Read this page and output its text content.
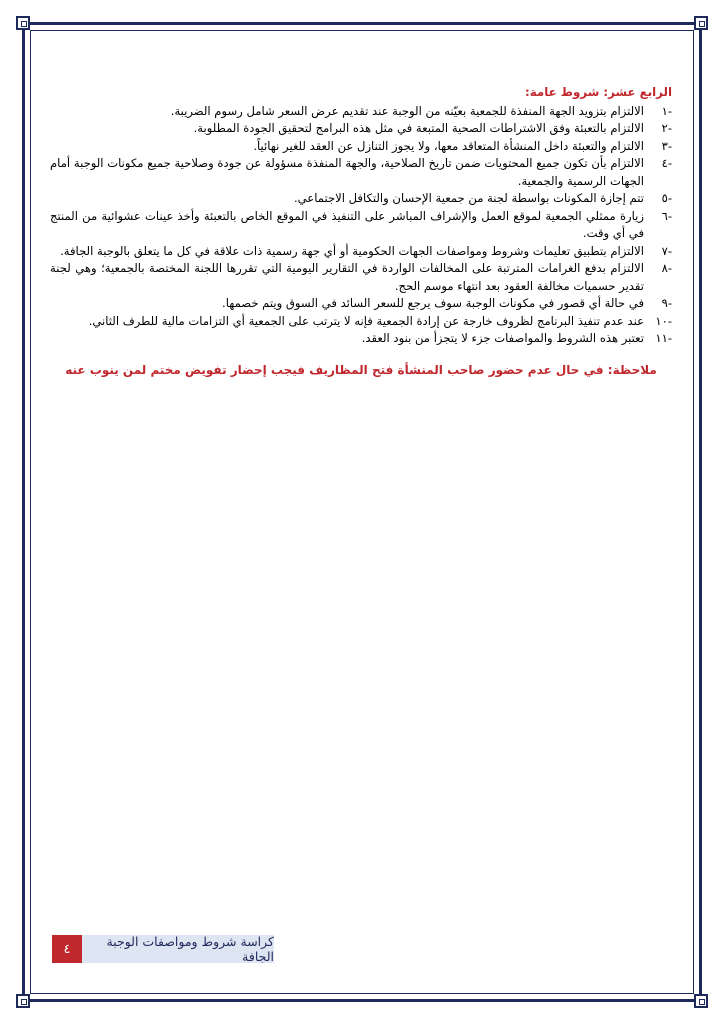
الرابع عشر: شروط عامة:
-١
الالتزام بتزويد الجهة المنفذة للجمعية بعيّنه من الوجبة عند تقديم عرض السعر شامل رسوم الضريبة.
-٢
الالتزام بالتعبئة وفق الاشتراطات الصحية المتبعة في مثل هذه البرامج لتحقيق الجودة المطلوبة.
-٣
الالتزام والتعبئة داخل المنشأة المتعاقد معها، ولا يجوز التنازل عن العقد للغير نهائياً.
-٤
الالتزام بأن تكون جميع المحتويات ضمن تاريخ الصلاحية، والجهة المنفذة مسؤولة عن جودة وصلاحية جميع مكونات الوجبة أمام الجهات الرسمية والجمعية.
-٥
تتم إجازة المكونات بواسطة لجنة من جمعية الإحسان والتكافل الاجتماعي.
-٦
زيارة ممثلي الجمعية لموقع العمل والإشراف المباشر على التنفيذ في الموقع الخاص بالتعبئة وأخذ عينات عشوائية من المنتج في أي وقت.
-٧
الالتزام بتطبيق تعليمات وشروط ومواصفات الجهات الحكومية أو أي جهة رسمية ذات علاقة في كل ما يتعلق بالوجبة الجافة.
-٨
الالتزام بدفع الغرامات المترتبة على المخالفات الواردة في التقارير اليومية التي تقررها اللجنة المختصة بالجمعية؛ وهي لجنة تقدير حسميات مخالفة العقود بعد انتهاء موسم الحج.
-٩
في حالة أي قصور في مكونات الوجبة سوف يرجع للسعر السائد في السوق ويتم خصمها.
-١٠
عند عدم تنفيذ البرنامج لظروف خارجة عن إرادة الجمعية فإنه لا يترتب على الجمعية أي التزامات مالية للطرف الثاني.
-١١
تعتبر هذه الشروط والمواصفات جزء لا يتجزأ من بنود العقد.
ملاحظة: في حال عدم حضور صاحب المنشأة فتح المظاريف فيجب إحضار تفويض مختم لمن ينوب عنه
٤	كراسة شروط ومواصفات الوجبة الجافة
